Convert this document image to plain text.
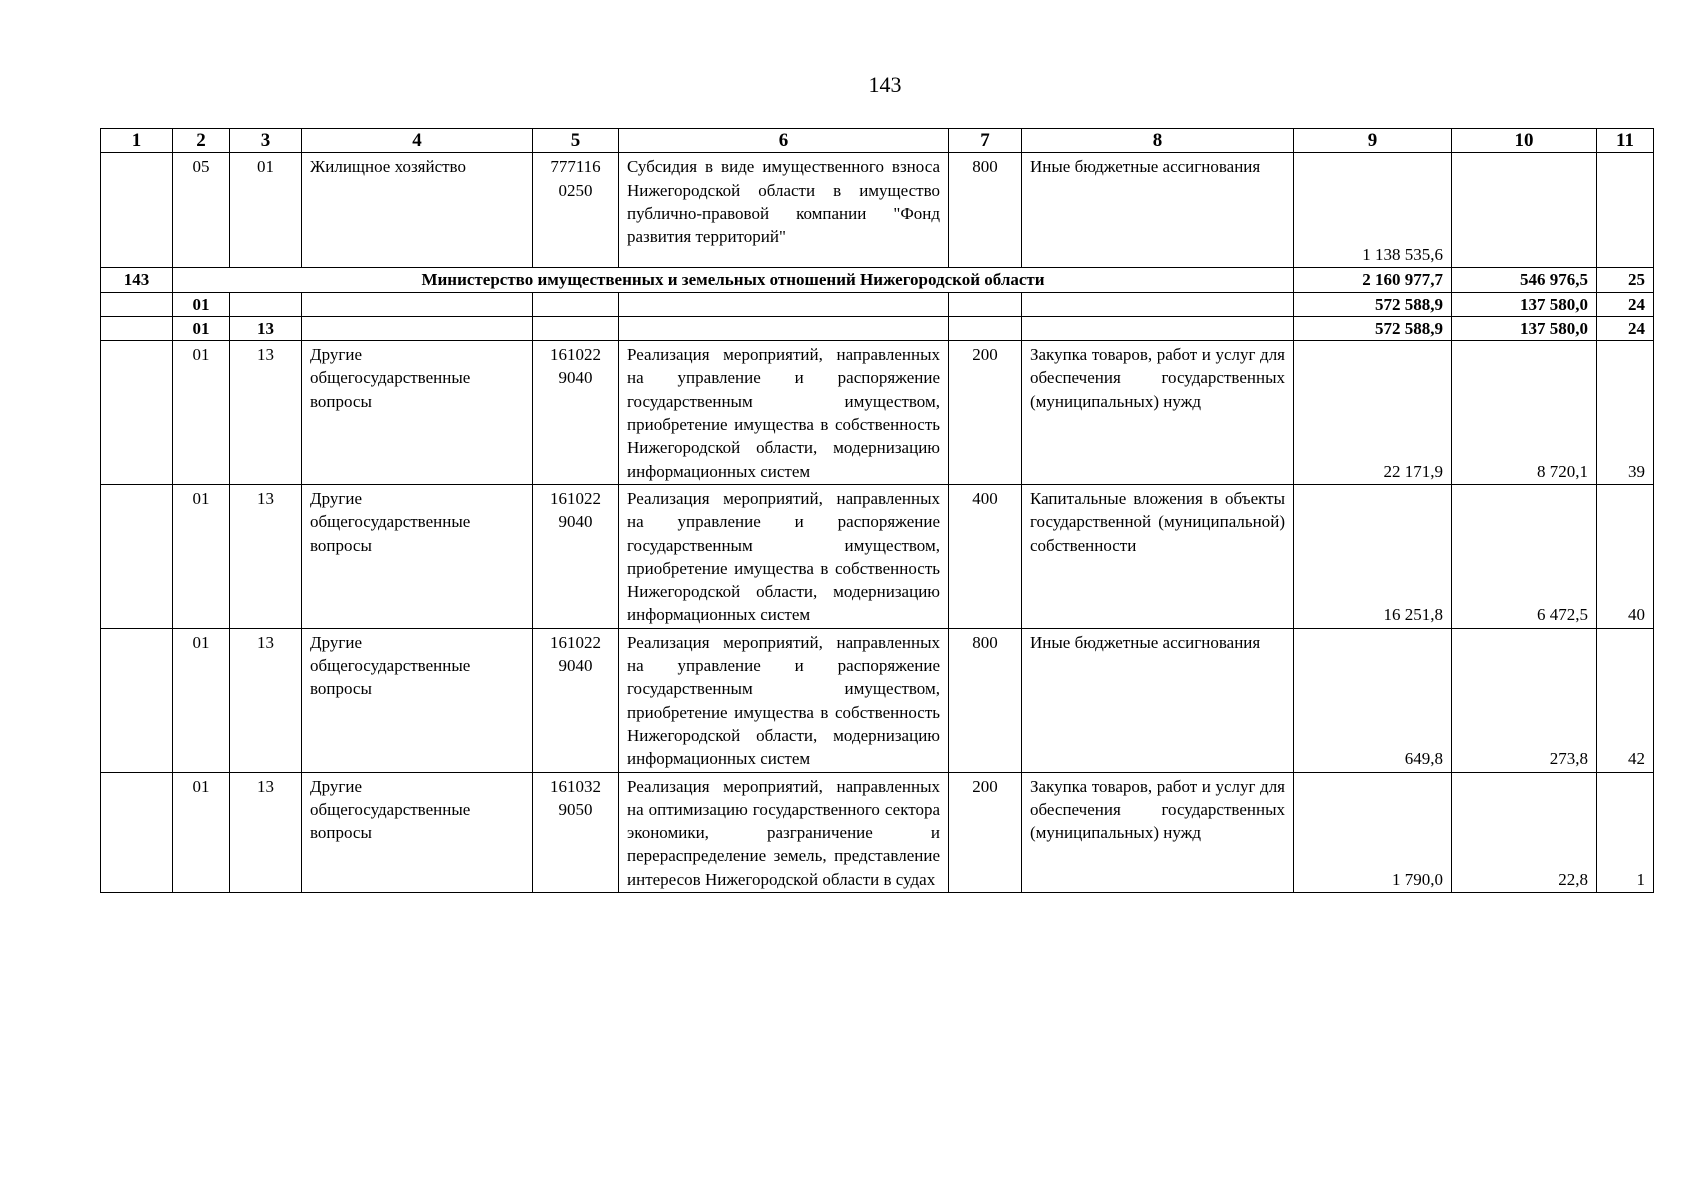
143
1	2	3	4	5	6	7	8	9	10	11
	05	01	Жилищное хозяйство	777116 0250	Субсидия в виде имущественного взноса Нижегородской области в имущество публично-правовой компании "Фонд развития территорий"	800	Иные бюджетные ассигнования	1 138 535,6		
143	Министерство имущественных и земельных отношений Нижегородской области							2 160 977,7	546 976,5	25
	01							572 588,9	137 580,0	24
	01	13						572 588,9	137 580,0	24
	01	13	Другие общегосударственные вопросы	161022 9040	Реализация мероприятий, направленных на управление и распоряжение государственным имуществом, приобретение имущества в собственность Нижегородской области, модернизацию информационных систем	200	Закупка товаров, работ и услуг для обеспечения государственных (муниципальных) нужд	22 171,9	8 720,1	39
	01	13	Другие общегосударственные вопросы	161022 9040	Реализация мероприятий, направленных на управление и распоряжение государственным имуществом, приобретение имущества в собственность Нижегородской области, модернизацию информационных систем	400	Капитальные вложения в объекты государственной (муниципальной) собственности	16 251,8	6 472,5	40
	01	13	Другие общегосударственные вопросы	161022 9040	Реализация мероприятий, направленных на управление и распоряжение государственным имуществом, приобретение имущества в собственность Нижегородской области, модернизацию информационных систем	800	Иные бюджетные ассигнования	649,8	273,8	42
	01	13	Другие общегосударственные вопросы	161032 9050	Реализация мероприятий, направленных на оптимизацию государственного сектора экономики, разграничение и перераспределение земель, представление интересов Нижегородской области в судах	200	Закупка товаров, работ и услуг для обеспечения государственных (муниципальных) нужд	1 790,0	22,8	1
